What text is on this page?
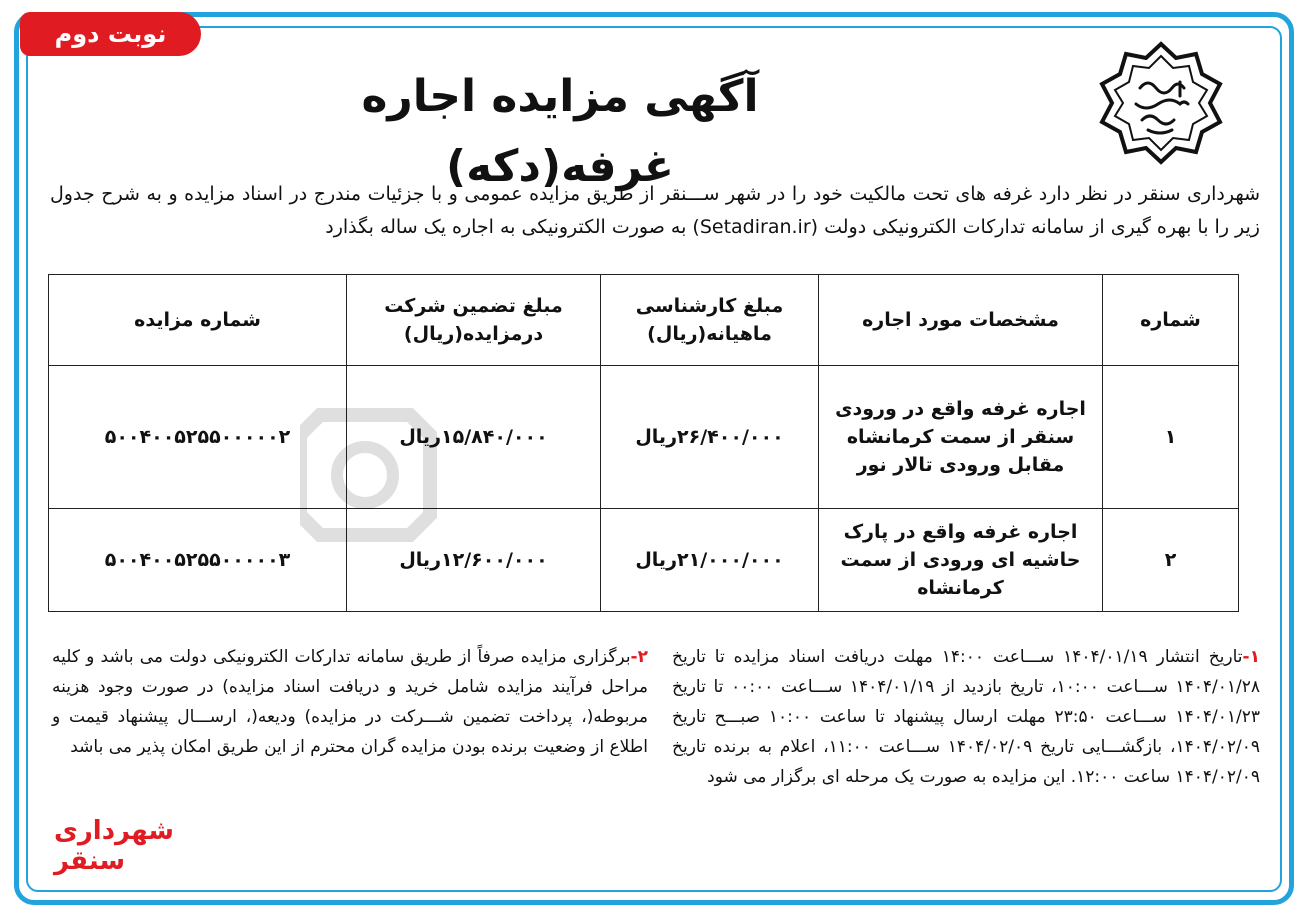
نوبت دوم
آگهی مزایده اجاره غرفه(دکه)
شهرداری سنقر در نظر دارد غرفه های تحت مالکیت خود را در شهر ســـنقر از طریق مزایده عمومی و با جزئیات مندرج در اسناد مزایده و به شرح جدول زیر را با بهره گیری از سامانه تدارکات الکترونیکی دولت (Setadiran.ir) به صورت الکترونیکی به اجاره یک ساله بگذارد
شماره	مشخصات مورد اجاره	مبلغ کارشناسی ماهیانه(ریال)	مبلغ تضمین شرکت درمزایده(ریال)	شماره مزایده
۱	اجاره غرفه واقع در ورودی سنقر از سمت کرمانشاه مقابل ورودی تالار نور	۲۶/۴۰۰/۰۰۰ریال	۱۵/۸۴۰/۰۰۰ریال	۵۰۰۴۰۰۵۲۵۵۰۰۰۰۰۲
۲	اجاره غرفه واقع در پارک حاشیه ای ورودی از سمت کرمانشاه	۲۱/۰۰۰/۰۰۰ریال	۱۲/۶۰۰/۰۰۰ریال	۵۰۰۴۰۰۵۲۵۵۰۰۰۰۰۳
۱-تاریخ انتشار ۱۴۰۴/۰۱/۱۹ ســـاعت ۱۴:۰۰ مهلت دریافت اسناد مزایده تا تاریخ ۱۴۰۴/۰۱/۲۸ ســـاعت ۱۰:۰۰، تاریخ بازدید از ۱۴۰۴/۰۱/۱۹ ســـاعت ۰۰:۰۰ تا تاریخ ۱۴۰۴/۰۱/۲۳ ســـاعت ۲۳:۵۰ مهلت ارسال پیشنهاد تا ساعت ۱۰:۰۰ صبـــح تاریخ ۱۴۰۴/۰۲/۰۹، بازگشـــایی تاریخ ۱۴۰۴/۰۲/۰۹ ســـاعت ۱۱:۰۰، اعلام به برنده تاریخ ۱۴۰۴/۰۲/۰۹ ساعت ۱۲:۰۰. این مزایده به صورت یک مرحله ای برگزار می شود
۲-برگزاری مزایده صرفاً از طریق سامانه تدارکات الکترونیکی دولت می باشد و کلیه مراحل فرآیند مزایده شامل خرید و دریافت اسناد مزایده) در صورت وجود هزینه مربوطه(، پرداخت تضمین شـــرکت در مزایده) ودیعه(، ارســـال پیشنهاد قیمت و اطلاع از وضعیت برنده بودن مزایده گران محترم از این طریق امکان پذیر می باشد
شهرداری سنقر
